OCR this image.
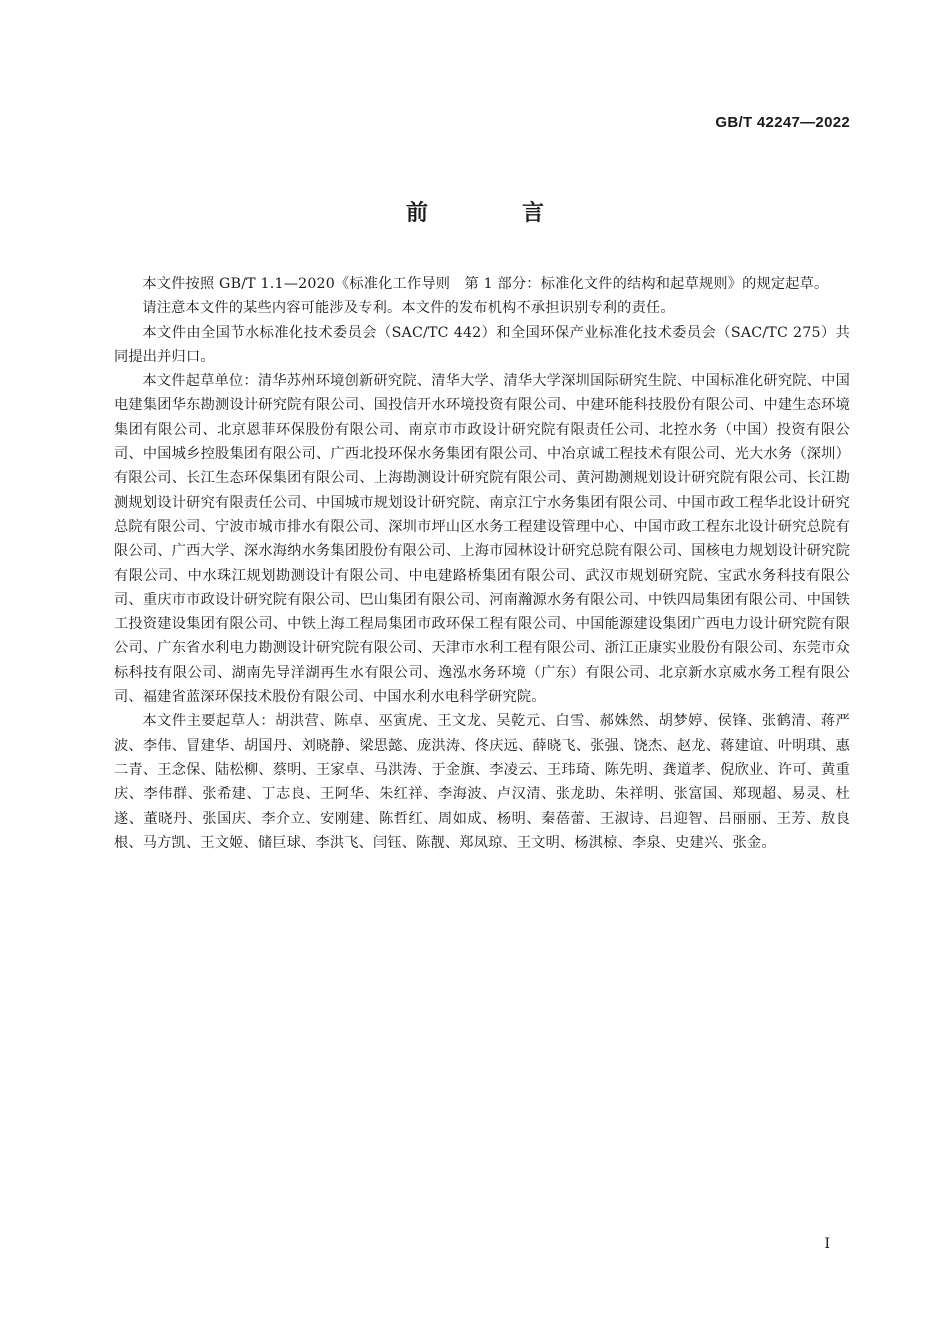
GB/T 42247—2022
前　言

本文件按照 GB/T 1.1—2020《标准化工作导则　第 1 部分：标准化文件的结构和起草规则》的规定起草。

请注意本文件的某些内容可能涉及专利。本文件的发布机构不承担识别专利的责任。

本文件由全国节水标准化技术委员会（SAC/TC 442）和全国环保产业标准化技术委员会（SAC/TC 275）共同提出并归口。

本文件起草单位：清华苏州环境创新研究院、清华大学、清华大学深圳国际研究生院、中国标准化研究院、中国电建集团华东勘测设计研究院有限公司、国投信开水环境投资有限公司、中建环能科技股份有限公司、中建生态环境集团有限公司、北京恩菲环保股份有限公司、南京市市政设计研究院有限责任公司、北控水务（中国）投资有限公司、中国城乡控股集团有限公司、广西北投环保水务集团有限公司、中冶京诚工程技术有限公司、光大水务（深圳）有限公司、长江生态环保集团有限公司、上海勘测设计研究院有限公司、黄河勘测规划设计研究院有限公司、长江勘测规划设计研究有限责任公司、中国城市规划设计研究院、南京江宁水务集团有限公司、中国市政工程华北设计研究总院有限公司、宁波市城市排水有限公司、深圳市坪山区水务工程建设管理中心、中国市政工程东北设计研究总院有限公司、广西大学、深水海纳水务集团股份有限公司、上海市园林设计研究总院有限公司、国核电力规划设计研究院有限公司、中水珠江规划勘测设计有限公司、中电建路桥集团有限公司、武汉市规划研究院、宝武水务科技有限公司、重庆市市政设计研究院有限公司、巴山集团有限公司、河南瀚源水务有限公司、中铁四局集团有限公司、中国铁工投资建设集团有限公司、中铁上海工程局集团市政环保工程有限公司、中国能源建设集团广西电力设计研究院有限公司、广东省水利电力勘测设计研究院有限公司、天津市水利工程有限公司、浙江正康实业股份有限公司、东莞市众标科技有限公司、湖南先导洋湖再生水有限公司、逸泓水务环境（广东）有限公司、北京新水京威水务工程有限公司、福建省蓝深环保技术股份有限公司、中国水利水电科学研究院。

本文件主要起草人：胡洪营、陈卓、巫寅虎、王文龙、吴乾元、白雪、郝姝然、胡梦婷、侯锋、张鹤清、蒋严波、李伟、冒建华、胡国丹、刘晓静、梁思懿、庞洪涛、佟庆远、薛晓飞、张强、饶杰、赵龙、蒋建谊、叶明琪、惠二青、王念保、陆松柳、蔡明、王家卓、马洪涛、于金旗、李凌云、王玮琦、陈先明、龚道孝、倪欣业、许可、黄重庆、李伟群、张希建、丁志良、王阿华、朱红祥、李海波、卢汉清、张龙助、朱祥明、张富国、郑现超、易灵、杜遂、董晓丹、张国庆、李介立、安刚建、陈哲红、周如成、杨明、秦蓓蕾、王淑诗、吕迎智、吕丽丽、王芳、敖良根、马方凯、王文姬、储巨球、李洪飞、闫钰、陈靓、郑凤琼、王文明、杨淇椋、李泉、史建兴、张金。

I
